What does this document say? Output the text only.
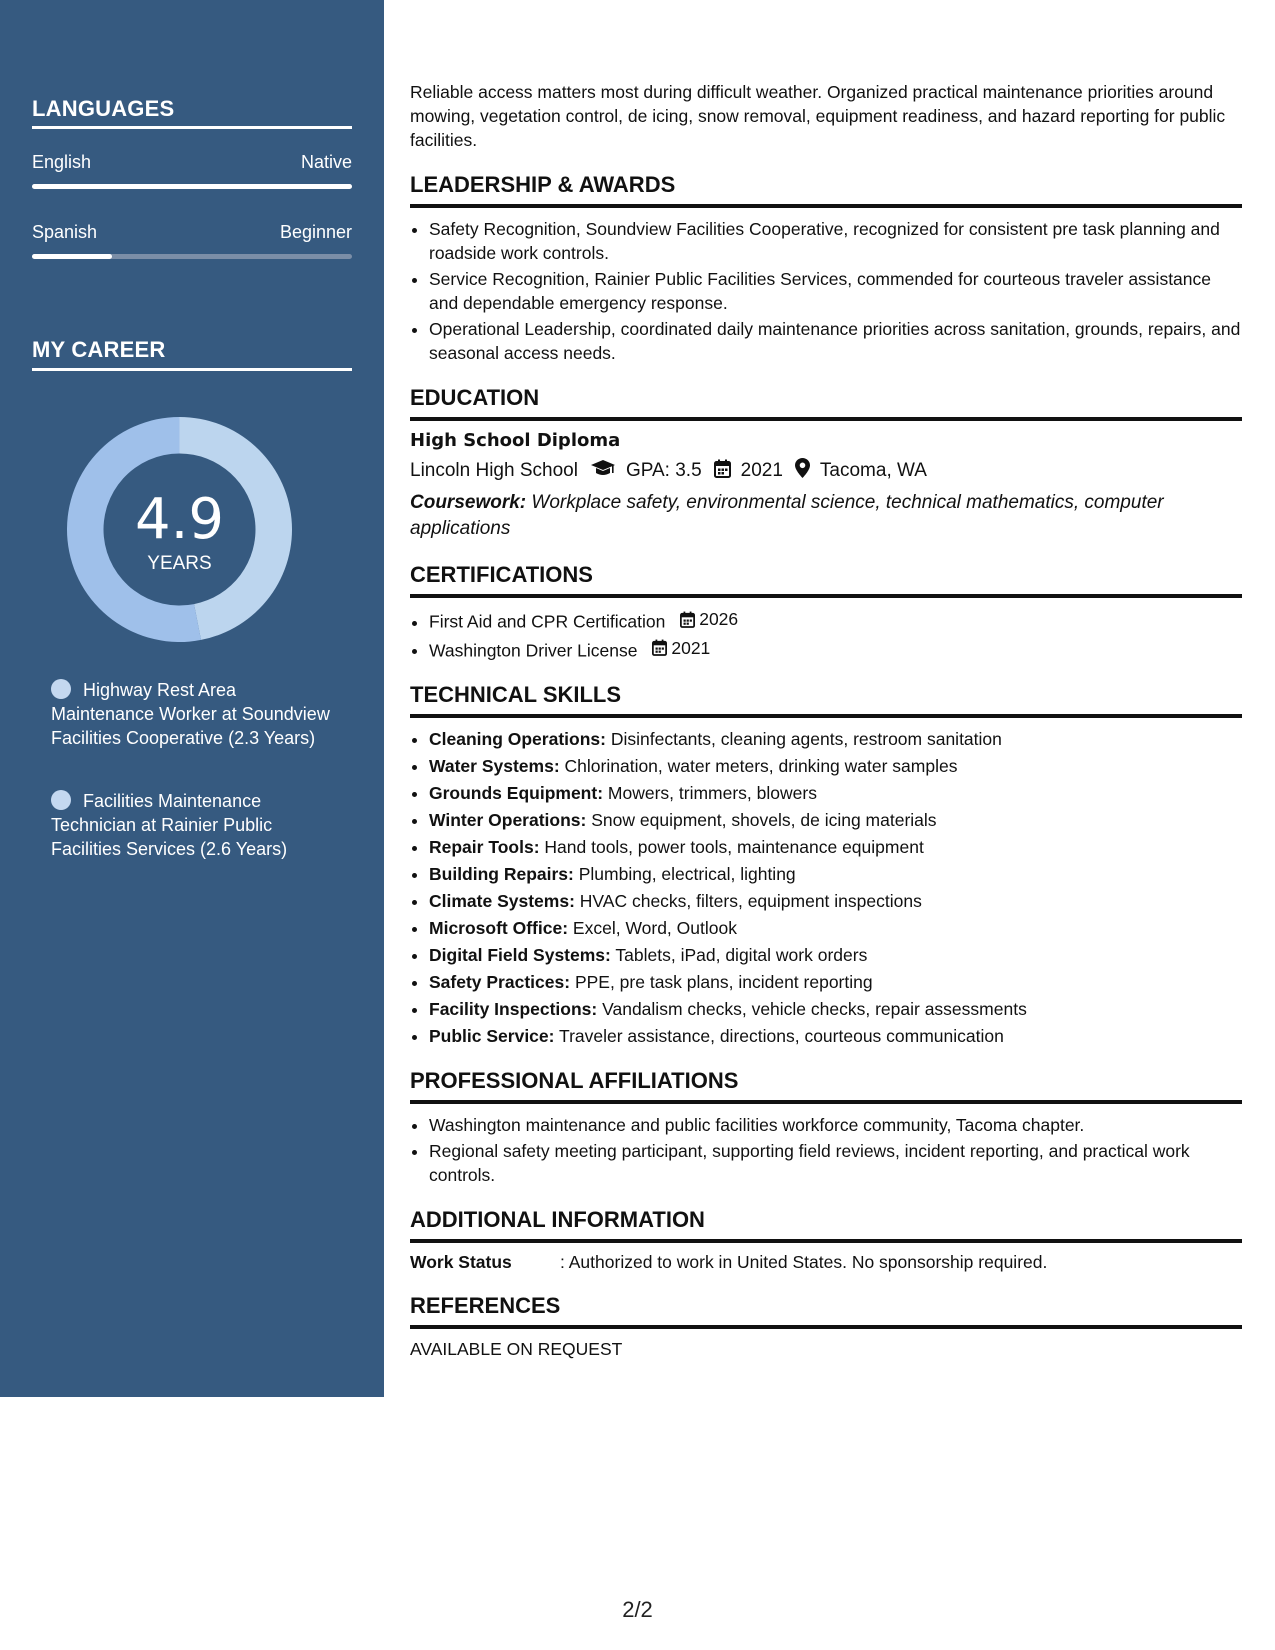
LANGUAGES
English	Native
Spanish	Beginner
MY CAREER
4.9
YEARS
Highway Rest Area Maintenance Worker at Soundview Facilities Cooperative (2.3 Years)
Facilities Maintenance Technician at Rainier Public Facilities Services (2.6 Years)

Reliable access matters most during difficult weather. Organized practical maintenance priorities around mowing, vegetation control, de icing, snow removal, equipment readiness, and hazard reporting for public facilities.

LEADERSHIP & AWARDS
• Safety Recognition, Soundview Facilities Cooperative, recognized for consistent pre task planning and roadside work controls.
• Service Recognition, Rainier Public Facilities Services, commended for courteous traveler assistance and dependable emergency response.
• Operational Leadership, coordinated daily maintenance priorities across sanitation, grounds, repairs, and seasonal access needs.
EDUCATION
High School Diploma
Lincoln High School	GPA: 3.5 2021 Tacoma, WA
Coursework: Workplace safety, environmental science, technical mathematics, computer applications
CERTIFICATIONS
• First Aid and CPR Certification 2026
• Washington Driver License 2021
TECHNICAL SKILLS
• Cleaning Operations: Disinfectants, cleaning agents, restroom sanitation
• Water Systems: Chlorination, water meters, drinking water samples
• Grounds Equipment: Mowers, trimmers, blowers
• Winter Operations: Snow equipment, shovels, de icing materials
• Repair Tools: Hand tools, power tools, maintenance equipment
• Building Repairs: Plumbing, electrical, lighting
• Climate Systems: HVAC checks, filters, equipment inspections
• Microsoft Office: Excel, Word, Outlook
• Digital Field Systems: Tablets, iPad, digital work orders
• Safety Practices: PPE, pre task plans, incident reporting
• Facility Inspections: Vandalism checks, vehicle checks, repair assessments
• Public Service: Traveler assistance, directions, courteous communication
PROFESSIONAL AFFILIATIONS
• Washington maintenance and public facilities workforce community, Tacoma chapter.
• Regional safety meeting participant, supporting field reviews, incident reporting, and practical work controls.
ADDITIONAL INFORMATION
Work Status	: Authorized to work in United States. No sponsorship required.
REFERENCES
AVAILABLE ON REQUEST
2/2
